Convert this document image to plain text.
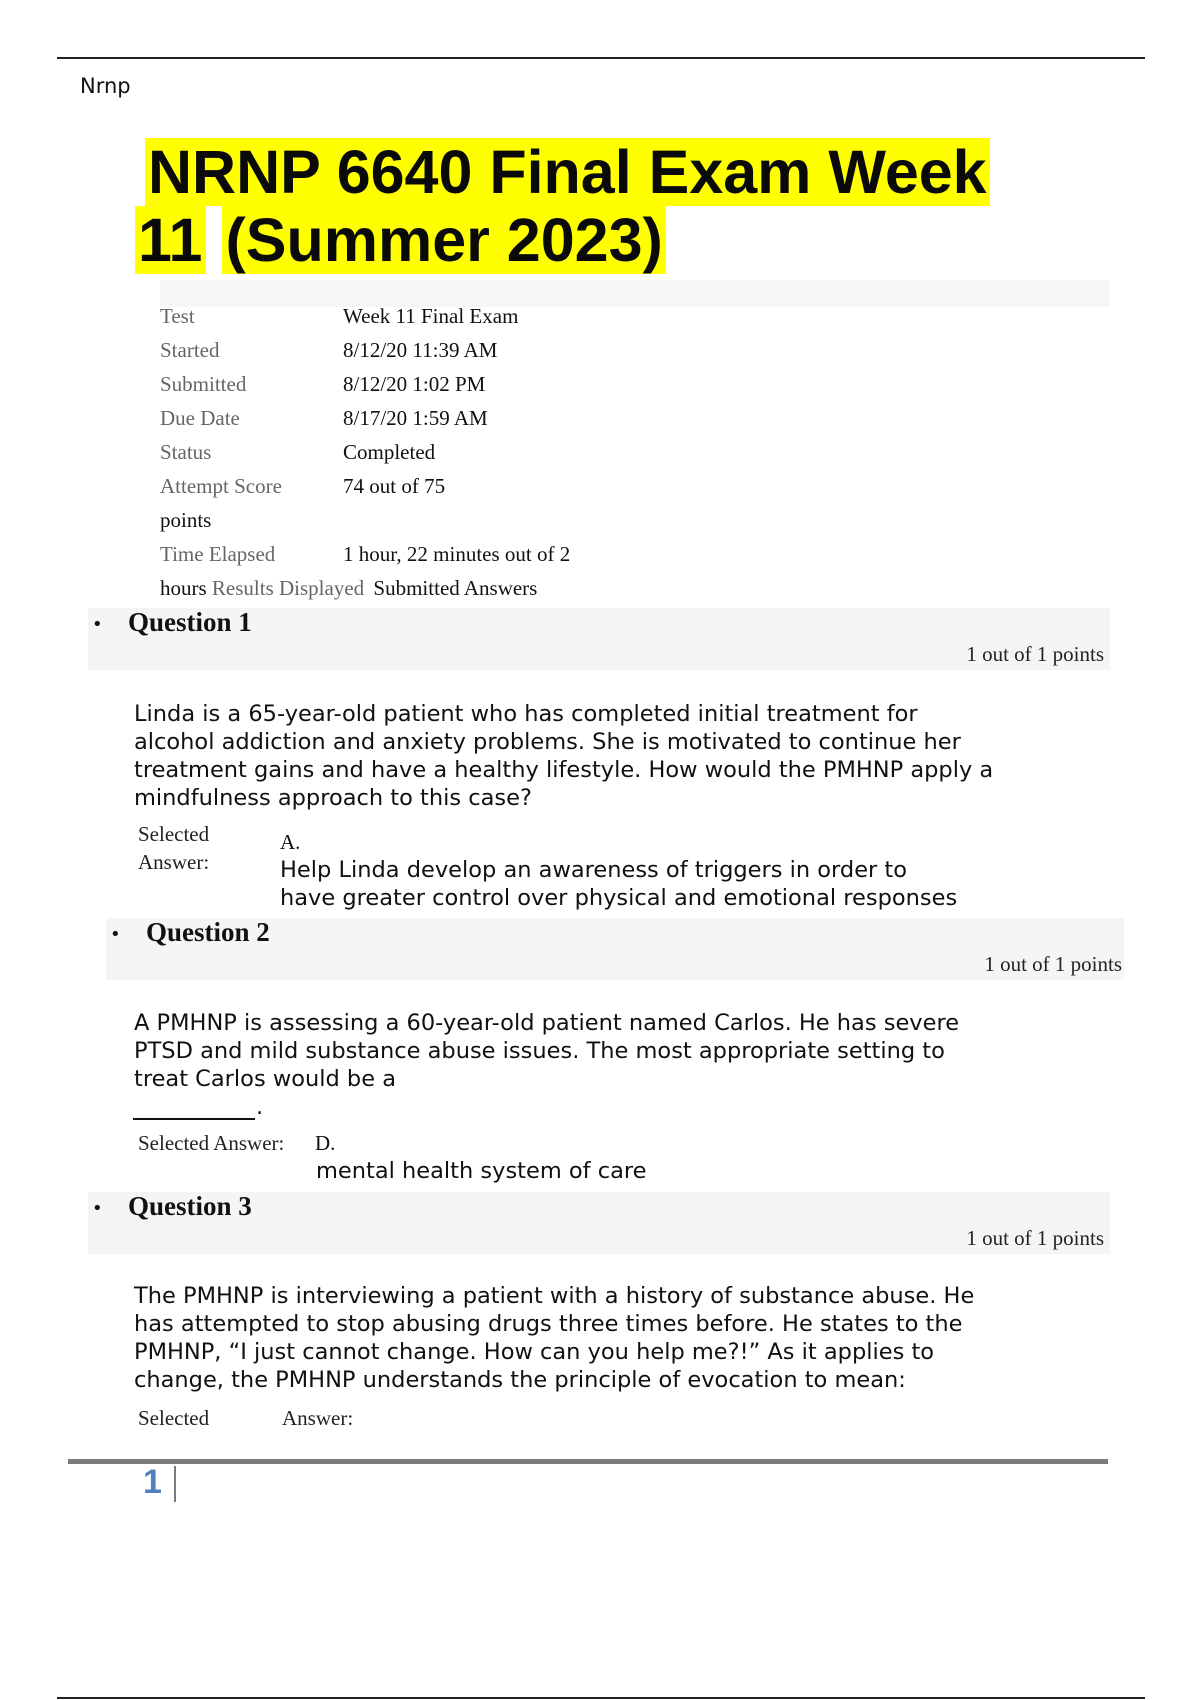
Nrnp
NRNP 6640 Final Exam Week
11 (Summer 2023)
Test	Week 11 Final Exam
Started	8/12/20 11:39 AM
Submitted	8/12/20 1:02 PM
Due Date	8/17/20 1:59 AM
Status	Completed
Attempt Score	74 out of 75
points
Time Elapsed	1 hour, 22 minutes out of 2
hours Results Displayed Submitted Answers
• Question 1
1 out of 1 points
Linda is a 65-year-old patient who has completed initial treatment for
alcohol addiction and anxiety problems. She is motivated to continue her
treatment gains and have a healthy lifestyle. How would the PMHNP apply a
mindfulness approach to this case?
Selected
Answer:
A.
Help Linda develop an awareness of triggers in order to
have greater control over physical and emotional responses
• Question 2
1 out of 1 points
A PMHNP is assessing a 60-year-old patient named Carlos. He has severe
PTSD and mild substance abuse issues. The most appropriate setting to
treat Carlos would be a
.
Selected Answer: D.
mental health system of care
• Question 3
1 out of 1 points
The PMHNP is interviewing a patient with a history of substance abuse. He
has attempted to stop abusing drugs three times before. He states to the
PMHNP, “I just cannot change. How can you help me?!” As it applies to
change, the PMHNP understands the principle of evocation to mean:
Selected	Answer:
1
